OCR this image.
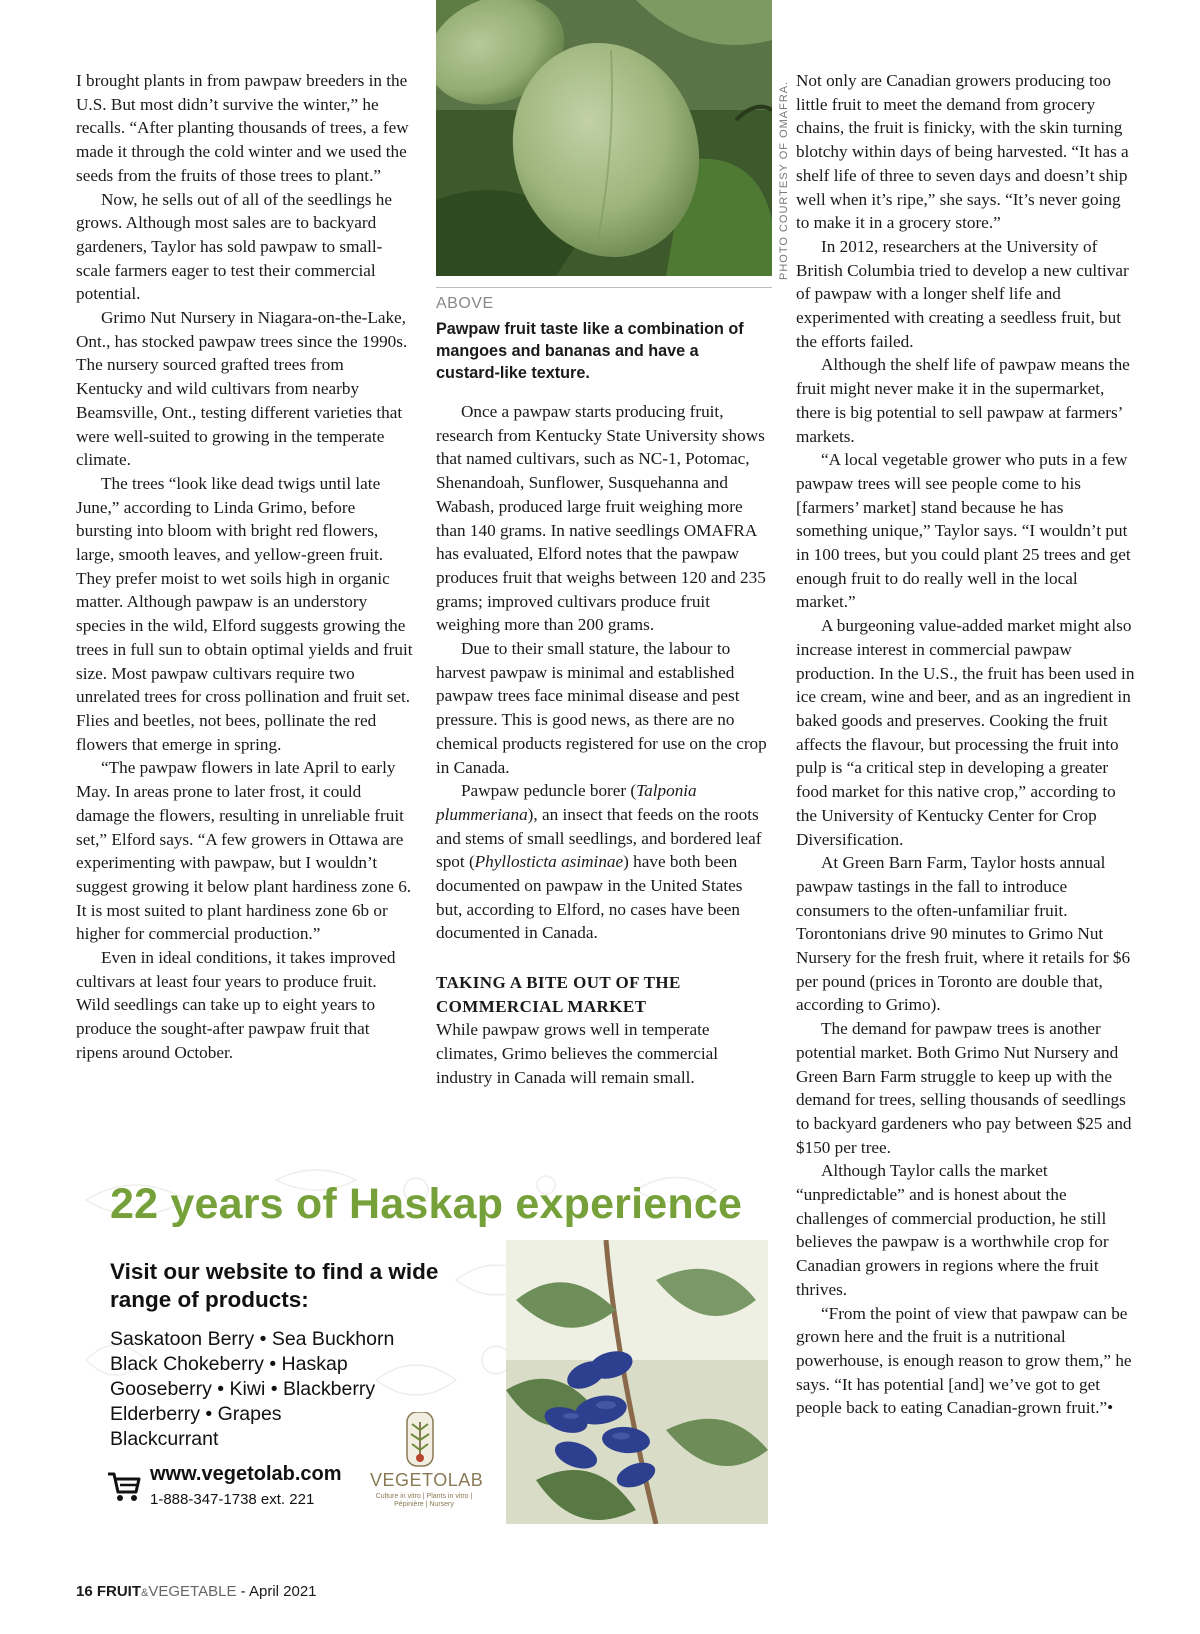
I brought plants in from pawpaw breeders in the U.S. But most didn’t survive the winter,” he recalls. “After planting thousands of trees, a few made it through the cold winter and we used the seeds from the fruits of those trees to plant.”

Now, he sells out of all of the seedlings he grows. Although most sales are to backyard gardeners, Taylor has sold pawpaw to small-scale farmers eager to test their commercial potential.

Grimo Nut Nursery in Niagara-on-the-Lake, Ont., has stocked pawpaw trees since the 1990s. The nursery sourced grafted trees from Kentucky and wild cultivars from nearby Beamsville, Ont., testing different varieties that were well-suited to growing in the temperate climate.

The trees “look like dead twigs until late June,” according to Linda Grimo, before bursting into bloom with bright red flowers, large, smooth leaves, and yellow-green fruit. They prefer moist to wet soils high in organic matter. Although pawpaw is an understory species in the wild, Elford suggests growing the trees in full sun to obtain optimal yields and fruit size. Most pawpaw cultivars require two unrelated trees for cross pollination and fruit set. Flies and beetles, not bees, pollinate the red flowers that emerge in spring.

“The pawpaw flowers in late April to early May. In areas prone to later frost, it could damage the flowers, resulting in unreliable fruit set,” Elford says. “A few growers in Ottawa are experimenting with pawpaw, but I wouldn’t suggest growing it below plant hardiness zone 6. It is most suited to plant hardiness zone 6b or higher for commercial production.”

Even in ideal conditions, it takes improved cultivars at least four years to produce fruit. Wild seedlings can take up to eight years to produce the sought-after pawpaw fruit that ripens around October.

PHOTO COURTESY OF OMAFRA.
ABOVE
Pawpaw fruit taste like a combination of mangoes and bananas and have a custard-like texture.

Once a pawpaw starts producing fruit, research from Kentucky State University shows that named cultivars, such as NC-1, Potomac, Shenandoah, Sunflower, Susquehanna and Wabash, produced large fruit weighing more than 140 grams. In native seedlings OMAFRA has evaluated, Elford notes that the pawpaw produces fruit that weighs between 120 and 235 grams; improved cultivars produce fruit weighing more than 200 grams.

Due to their small stature, the labour to harvest pawpaw is minimal and established pawpaw trees face minimal disease and pest pressure. This is good news, as there are no chemical products registered for use on the crop in Canada.

Pawpaw peduncle borer (Talponia plummeriana), an insect that feeds on the roots and stems of small seedlings, and bordered leaf spot (Phyllosticta asiminae) have both been documented on pawpaw in the United States but, according to Elford, no cases have been documented in Canada.

TAKING A BITE OUT OF THE
COMMERCIAL MARKET

While pawpaw grows well in temperate climates, Grimo believes the commercial industry in Canada will remain small.

Not only are Canadian growers producing too little fruit to meet the demand from grocery chains, the fruit is finicky, with the skin turning blotchy within days of being harvested. “It has a shelf life of three to seven days and doesn’t ship well when it’s ripe,” she says. “It’s never going to make it in a grocery store.”

In 2012, researchers at the University of British Columbia tried to develop a new cultivar of pawpaw with a longer shelf life and experimented with creating a seedless fruit, but the efforts failed.

Although the shelf life of pawpaw means the fruit might never make it in the supermarket, there is big potential to sell pawpaw at farmers’ markets.

“A local vegetable grower who puts in a few pawpaw trees will see people come to his [farmers’ market] stand because he has something unique,” Taylor says. “I wouldn’t put in 100 trees, but you could plant 25 trees and get enough fruit to do really well in the local market.”

A burgeoning value-added market might also increase interest in commercial pawpaw production. In the U.S., the fruit has been used in ice cream, wine and beer, and as an ingredient in baked goods and preserves. Cooking the fruit affects the flavour, but processing the fruit into pulp is “a critical step in developing a greater food market for this native crop,” according to the University of Kentucky Center for Crop Diversification.

At Green Barn Farm, Taylor hosts annual pawpaw tastings in the fall to introduce consumers to the often-unfamiliar fruit. Torontonians drive 90 minutes to Grimo Nut Nursery for the fresh fruit, where it retails for $6 per pound (prices in Toronto are double that, according to Grimo).

The demand for pawpaw trees is another potential market. Both Grimo Nut Nursery and Green Barn Farm struggle to keep up with the demand for trees, selling thousands of seedlings to backyard gardeners who pay between $25 and $150 per tree.

Although Taylor calls the market “unpredictable” and is honest about the challenges of commercial production, he still believes the pawpaw is a worthwhile crop for Canadian growers in regions where the fruit thrives.

“From the point of view that pawpaw can be grown here and the fruit is a nutritional powerhouse, is enough reason to grow them,” he says. “It has potential [and] we’ve got to get people back to eating Canadian-grown fruit.”•

22 years of Haskap experience
Visit our website to find a wide range of products:
Saskatoon Berry • Sea Buckhorn
Black Chokeberry • Haskap
Gooseberry • Kiwi • Blackberry
Elderberry • Grapes
Blackcurrant
www.vegetolab.com
1-888-347-1738 ext. 221
VEGETOLAB
Culture in vitro | Plants in vitro | Pépinière | Nursery
16 FRUIT&VEGETABLE - April 2021
